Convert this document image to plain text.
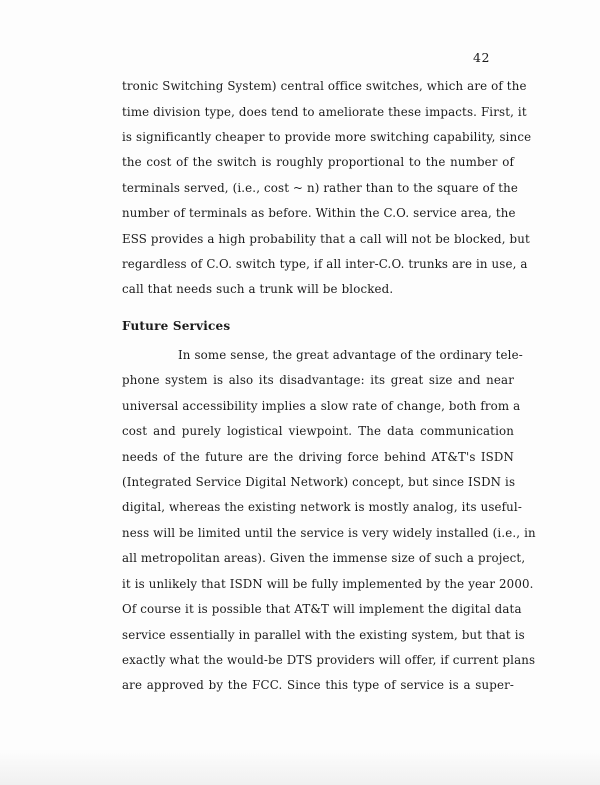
42
tronic Switching System) central office switches, which are of the
time division type, does tend to ameliorate these impacts. First, it
is significantly cheaper to provide more switching capability, since
the cost of the switch is roughly proportional to the number of
terminals served, (i.e., cost ~ n) rather than to the square of the
number of terminals as before. Within the C.O. service area, the
ESS provides a high probability that a call will not be blocked, but
regardless of C.O. switch type, if all inter-C.O. trunks are in use, a
call that needs such a trunk will be blocked.
Future Services
In some sense, the great advantage of the ordinary tele-
phone system is also its disadvantage: its great size and near
universal accessibility implies a slow rate of change, both from a
cost and purely logistical viewpoint. The data communication
needs of the future are the driving force behind AT&T's ISDN
(Integrated Service Digital Network) concept, but since ISDN is
digital, whereas the existing network is mostly analog, its useful-
ness will be limited until the service is very widely installed (i.e., in
all metropolitan areas). Given the immense size of such a project,
it is unlikely that ISDN will be fully implemented by the year 2000.
Of course it is possible that AT&T will implement the digital data
service essentially in parallel with the existing system, but that is
exactly what the would-be DTS providers will offer, if current plans
are approved by the FCC. Since this type of service is a super-
